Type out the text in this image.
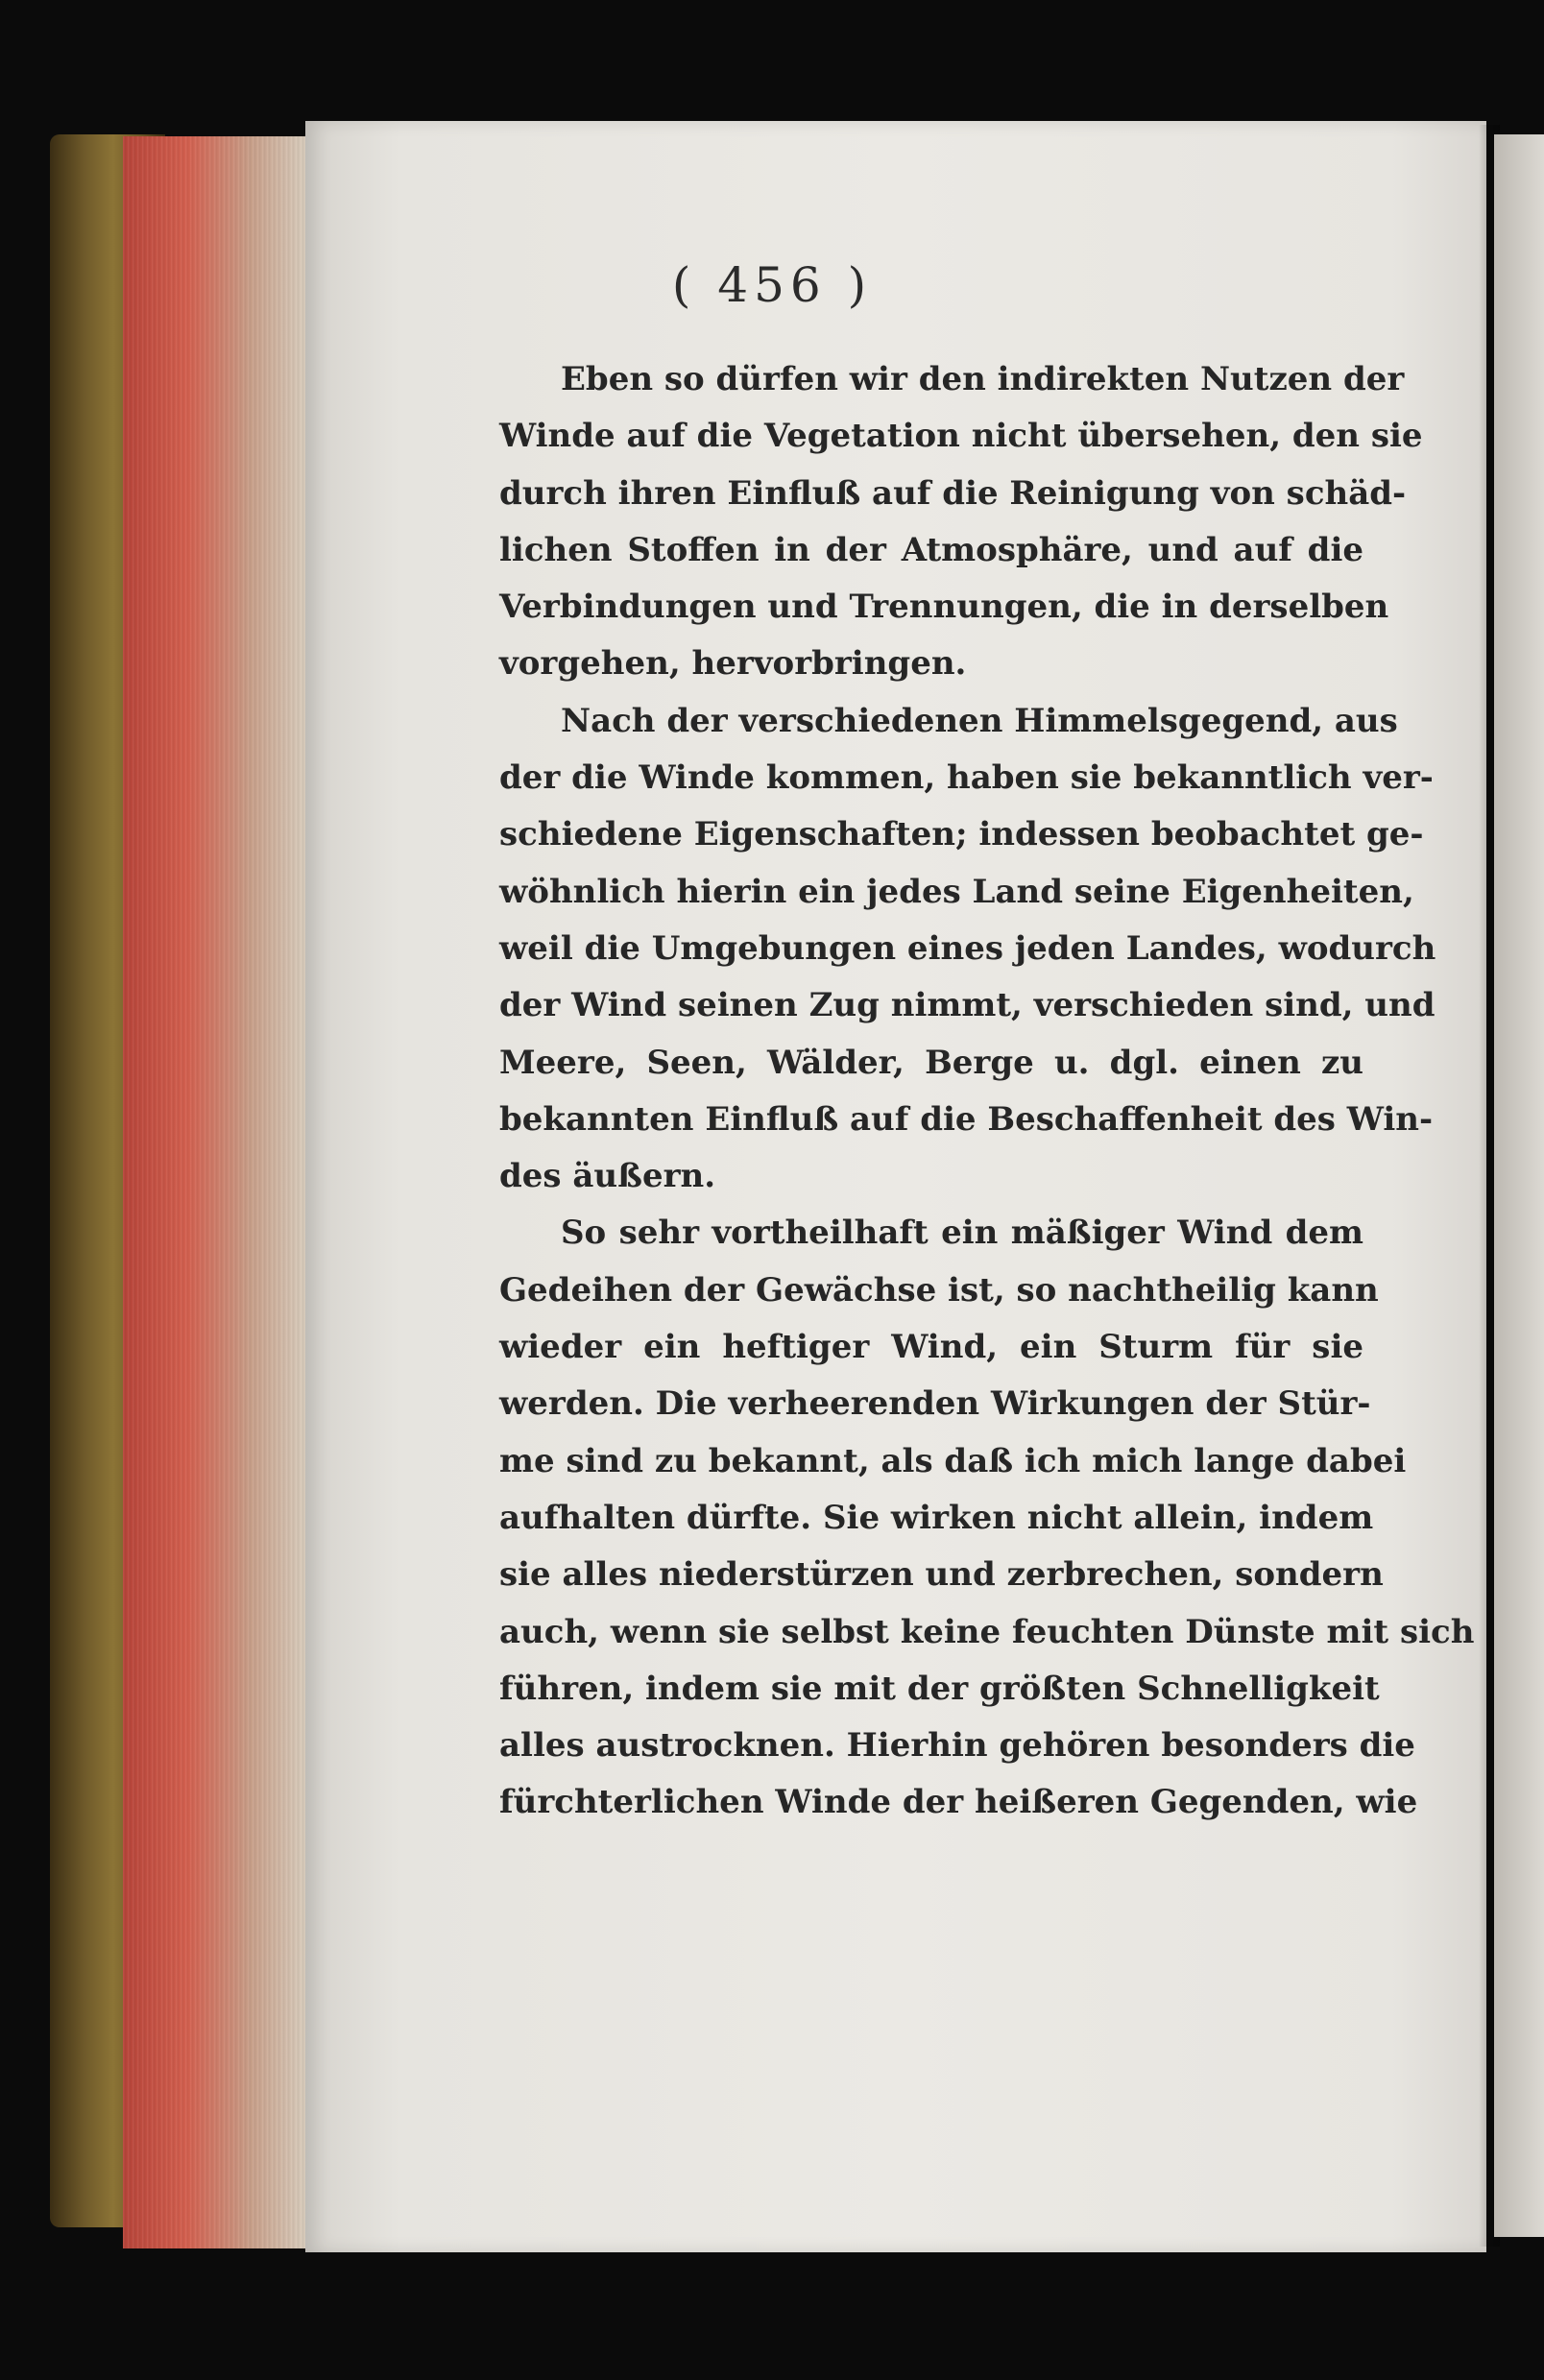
( 456 )
Eben so dürfen wir den indirekten Nutzen der
Winde auf die Vegetation nicht übersehen, den sie
durch ihren Einfluß auf die Reinigung von schäd-
lichen Stoffen in der Atmosphäre, und auf die
Verbindungen und Trennungen, die in derselben
vorgehen, hervorbringen.
Nach der verschiedenen Himmelsgegend, aus
der die Winde kommen, haben sie bekanntlich ver-
schiedene Eigenschaften; indessen beobachtet ge-
wöhnlich hierin ein jedes Land seine Eigenheiten,
weil die Umgebungen eines jeden Landes, wodurch
der Wind seinen Zug nimmt, verschieden sind, und
Meere, Seen, Wälder, Berge u. dgl. einen zu
bekannten Einfluß auf die Beschaffenheit des Win-
des äußern.
So sehr vortheilhaft ein mäßiger Wind dem
Gedeihen der Gewächse ist, so nachtheilig kann
wieder ein heftiger Wind, ein Sturm für sie
werden. Die verheerenden Wirkungen der Stür-
me sind zu bekannt, als daß ich mich lange dabei
aufhalten dürfte. Sie wirken nicht allein, indem
sie alles niederstürzen und zerbrechen, sondern
auch, wenn sie selbst keine feuchten Dünste mit sich
führen, indem sie mit der größten Schnelligkeit
alles austrocknen. Hierhin gehören besonders die
fürchterlichen Winde der heißeren Gegenden, wie
